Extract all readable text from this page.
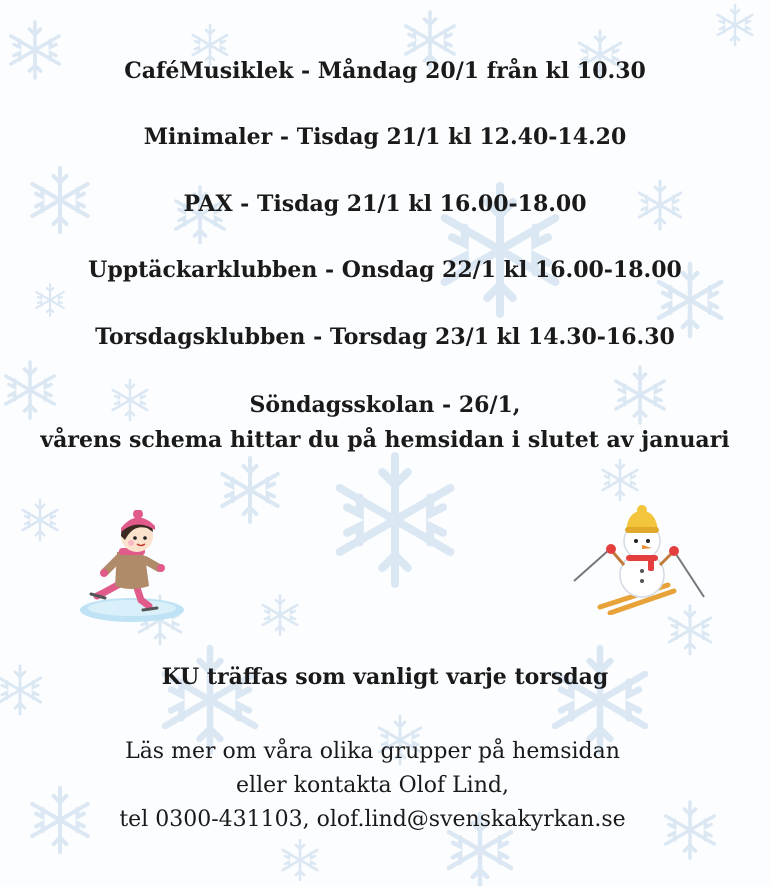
CaféMusiklek - Måndag 20/1 från kl 10.30
Minimaler - Tisdag 21/1 kl 12.40-14.20
PAX - Tisdag 21/1 kl 16.00-18.00
Upptäckarklubben - Onsdag 22/1 kl 16.00-18.00
Torsdagsklubben - Torsdag 23/1 kl 14.30-16.30
Söndagsskolan - 26/1,
vårens schema hittar du på hemsidan i slutet av januari
KU träffas som vanligt varje torsdag
Läs mer om våra olika grupper på hemsidan
eller kontakta Olof Lind,
tel 0300-431103, olof.lind@svenskakyrkan.se
